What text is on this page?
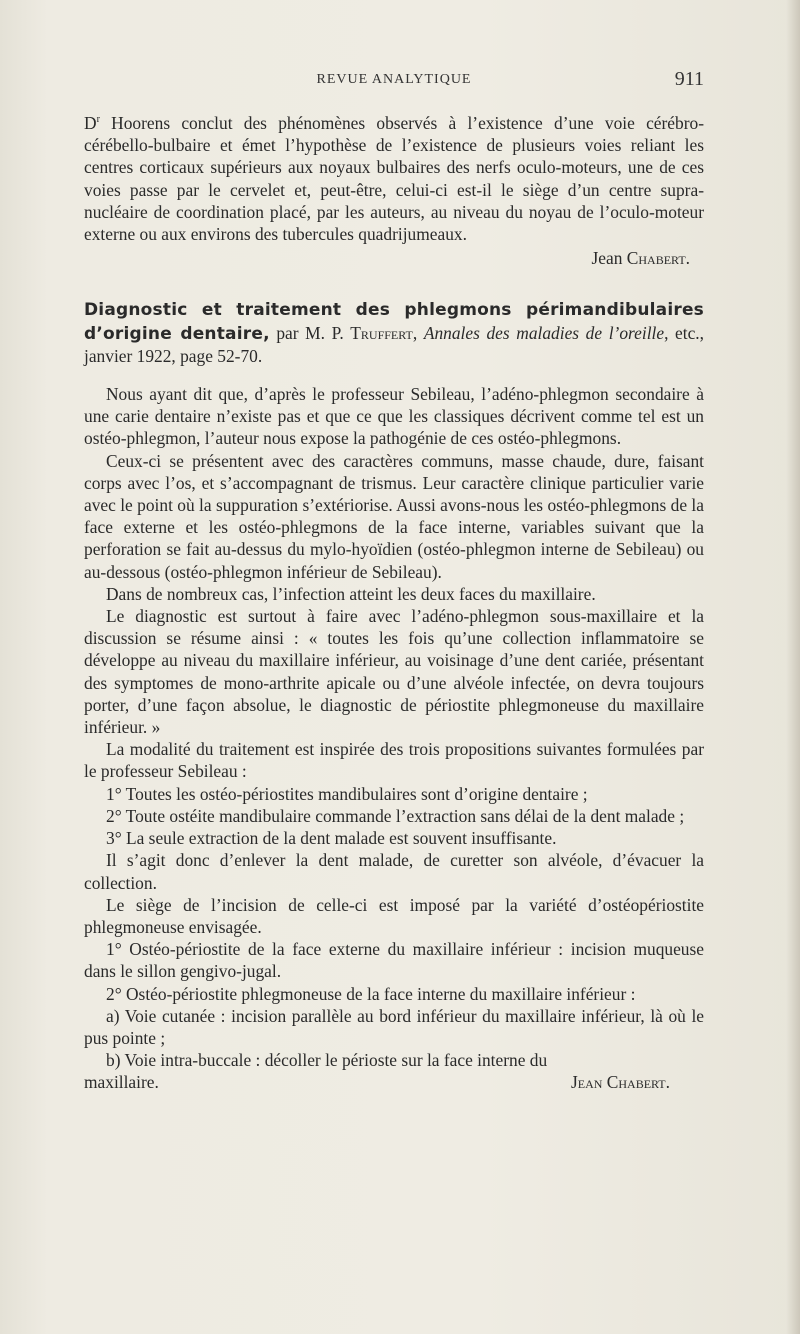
REVUE ANALYTIQUE	911

$D^r$ Hoorens conclut des phénomènes observés à l’existence d’une voie cérébro-cérébello-bulbaire et émet l’hypothèse de l’existence de plusieurs voies reliant les centres corticaux supérieurs aux noyaux bulbaires des nerfs oculo-moteurs, une de ces voies passe par le cervelet et, peut-être, celui-ci est-il le siège d’un centre supra-nucléaire de coordination placé, par les auteurs, au niveau du noyau de l’oculo-moteur externe ou aux environs des tubercules quadrijumeaux.

Jean Chabert.

Diagnostic et traitement des phlegmons périmandibulaires d’origine dentaire, par M. P. Truffert, Annales des maladies de l’oreille, etc., janvier 1922, page 52-70.

Nous ayant dit que, d’après le professeur Sebileau, l’adéno-phlegmon secondaire à une carie dentaire n’existe pas et que ce que les classiques décrivent comme tel est un ostéo-phlegmon, l’auteur nous expose la pathogénie de ces ostéo-phlegmons.

Ceux-ci se présentent avec des caractères communs, masse chaude, dure, faisant corps avec l’os, et s’accompagnant de trismus. Leur caractère clinique particulier varie avec le point où la suppuration s’extériorise. Aussi avons-nous les ostéo-phlegmons de la face externe et les ostéo-phlegmons de la face interne, variables suivant que la perforation se fait au-dessus du mylo-hyoïdien (ostéo-phlegmon interne de Sebileau) ou au-dessous (ostéo-phlegmon inférieur de Sebileau).

Dans de nombreux cas, l’infection atteint les deux faces du maxillaire.

Le diagnostic est surtout à faire avec l’adéno-phlegmon sous-maxillaire et la discussion se résume ainsi : « toutes les fois qu’une collection inflammatoire se développe au niveau du maxillaire inférieur, au voisinage d’une dent cariée, présentant des symptomes de mono-arthrite apicale ou d’une alvéole infectée, on devra toujours porter, d’une façon absolue, le diagnostic de périostite phlegmoneuse du maxillaire inférieur. »

La modalité du traitement est inspirée des trois propositions suivantes formulées par le professeur Sebileau :

1° Toutes les ostéo-périostites mandibulaires sont d’origine dentaire ;

2° Toute ostéite mandibulaire commande l’extraction sans délai de la dent malade ;

3° La seule extraction de la dent malade est souvent insuffisante.

Il s’agit donc d’enlever la dent malade, de curetter son alvéole, d’évacuer la collection.

Le siège de l’incision de celle-ci est imposé par la variété d’ostéopériostite phlegmoneuse envisagée.

1° Ostéo-périostite de la face externe du maxillaire inférieur : incision muqueuse dans le sillon gengivo-jugal.

2° Ostéo-périostite phlegmoneuse de la face interne du maxillaire inférieur :

a) Voie cutanée : incision parallèle au bord inférieur du maxillaire inférieur, là où le pus pointe ;

b) Voie intra-buccale : décoller le périoste sur la face interne du
maxillaire.	Jean Chabert.
